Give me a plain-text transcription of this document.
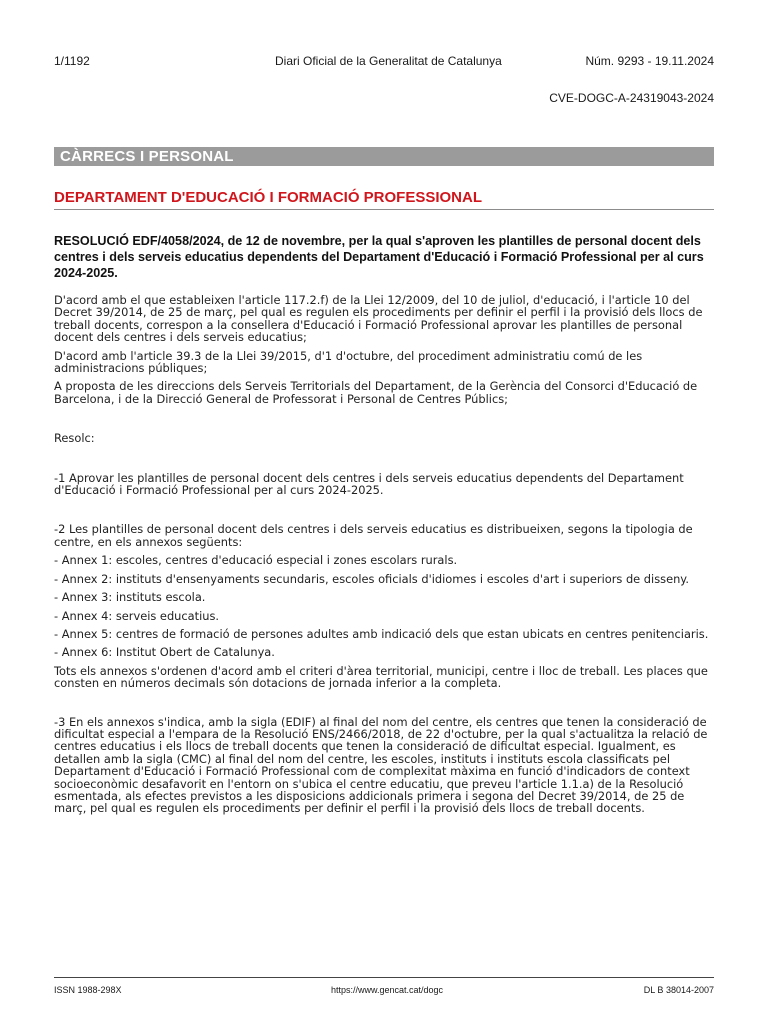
1/1192	Diari Oficial de la Generalitat de Catalunya	Núm. 9293 - 19.11.2024
CVE-DOGC-A-24319043-2024
CÀRRECS I PERSONAL
DEPARTAMENT D'EDUCACIÓ I FORMACIÓ PROFESSIONAL
RESOLUCIÓ EDF/4058/2024, de 12 de novembre, per la qual s'aproven les plantilles de personal docent dels centres i dels serveis educatius dependents del Departament d'Educació i Formació Professional per al curs 2024-2025.

D'acord amb el que estableixen l'article 117.2.f) de la Llei 12/2009, del 10 de juliol, d'educació, i l'article 10 del Decret 39/2014, de 25 de març, pel qual es regulen els procediments per definir el perfil i la provisió dels llocs de treball docents, correspon a la consellera d'Educació i Formació Professional aprovar les plantilles de personal docent dels centres i dels serveis educatius;

D'acord amb l'article 39.3 de la Llei 39/2015, d'1 d'octubre, del procediment administratiu comú de les administracions públiques;

A proposta de les direccions dels Serveis Territorials del Departament, de la Gerència del Consorci d'Educació de Barcelona, i de la Direcció General de Professorat i Personal de Centres Públics;

Resolc:

-1 Aprovar les plantilles de personal docent dels centres i dels serveis educatius dependents del Departament d'Educació i Formació Professional per al curs 2024-2025.

-2 Les plantilles de personal docent dels centres i dels serveis educatius es distribueixen, segons la tipologia de centre, en els annexos següents:

- Annex 1: escoles, centres d'educació especial i zones escolars rurals.

- Annex 2: instituts d'ensenyaments secundaris, escoles oficials d'idiomes i escoles d'art i superiors de disseny.

- Annex 3: instituts escola.

- Annex 4: serveis educatius.

- Annex 5: centres de formació de persones adultes amb indicació dels que estan ubicats en centres penitenciaris.

- Annex 6: Institut Obert de Catalunya.

Tots els annexos s'ordenen d'acord amb el criteri d'àrea territorial, municipi, centre i lloc de treball. Les places que consten en números decimals són dotacions de jornada inferior a la completa.

-3 En els annexos s'indica, amb la sigla (EDIF) al final del nom del centre, els centres que tenen la consideració de dificultat especial a l'empara de la Resolució ENS/2466/2018, de 22 d'octubre, per la qual s'actualitza la relació de centres educatius i els llocs de treball docents que tenen la consideració de dificultat especial. Igualment, es detallen amb la sigla (CMC) al final del nom del centre, les escoles, instituts i instituts escola classificats pel Departament d'Educació i Formació Professional com de complexitat màxima en funció d'indicadors de context socioeconòmic desafavorit en l'entorn on s'ubica el centre educatiu, que preveu l'article 1.1.a) de la Resolució esmentada, als efectes previstos a les disposicions addicionals primera i segona del Decret 39/2014, de 25 de març, pel qual es regulen els procediments per definir el perfil i la provisió dels llocs de treball docents.

ISSN 1988-298X	https://www.gencat.cat/dogc	DL B 38014-2007
